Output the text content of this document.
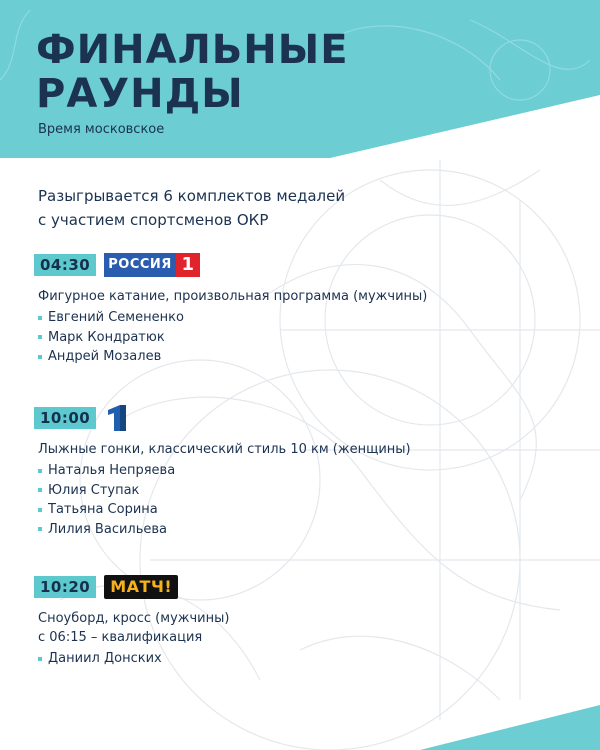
ФИНАЛЬНЫЕ
РАУНДЫ
Время московское
Разыгрывается 6 комплектов медалей
с участием спортсменов ОКР
04:30	РОССИЯ 1
Фигурное катание, произвольная программа (мужчины)
Евгений Семененко
Марк Кондратюк
Андрей Мозалев
10:00
Лыжные гонки, классический стиль 10 км (женщины)
Наталья Непряева
Юлия Ступак
Татьяна Сорина
Лилия Васильева
10:20	МАТЧ!
Сноуборд, кросс (мужчины)
с 06:15 – квалификация
Даниил Донских
